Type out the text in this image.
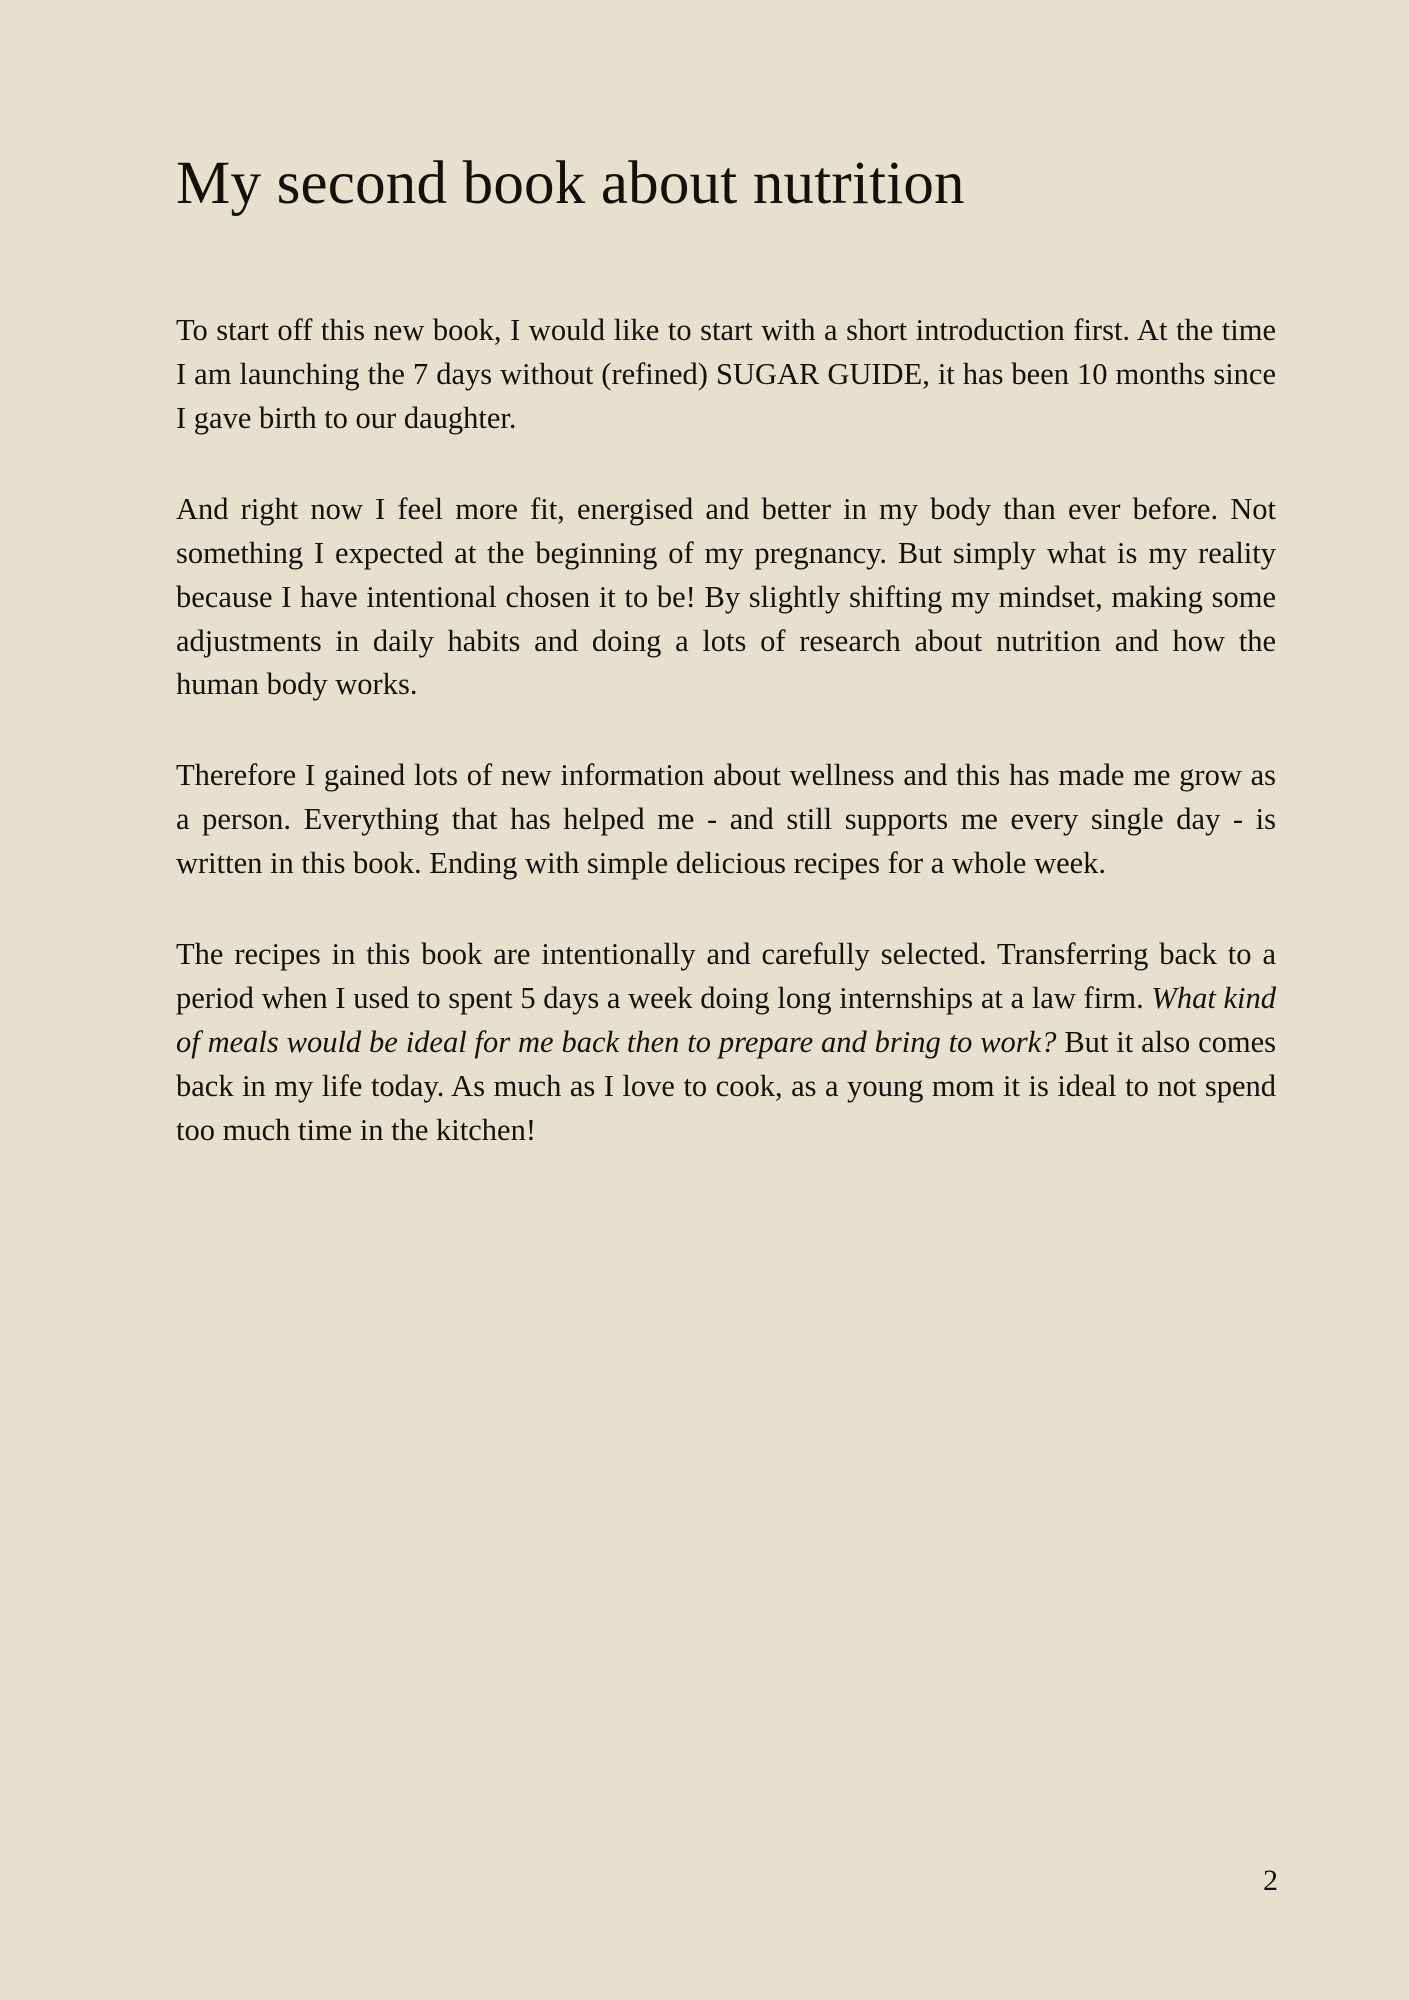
My second book about nutrition

To start off this new book, I would like to start with a short introduction first. At the time I am launching the 7 days without (refined) SUGAR GUIDE, it has been 10 months since I gave birth to our daughter.

And right now I feel more fit, energised and better in my body than ever before. Not something I expected at the beginning of my pregnancy. But simply what is my reality because I have intentional chosen it to be! By slightly shifting my mindset, making some adjustments in daily habits and doing a lots of research about nutrition and how the human body works.

Therefore I gained lots of new information about wellness and this has made me grow as a person. Everything that has helped me - and still supports me every single day - is written in this book. Ending with simple delicious recipes for a whole week.

The recipes in this book are intentionally and carefully selected. Transferring back to a period when I used to spent 5 days a week doing long internships at a law firm. What kind of meals would be ideal for me back then to prepare and bring to work? But it also comes back in my life today. As much as I love to cook, as a young mom it is ideal to not spend too much time in the kitchen!

2
